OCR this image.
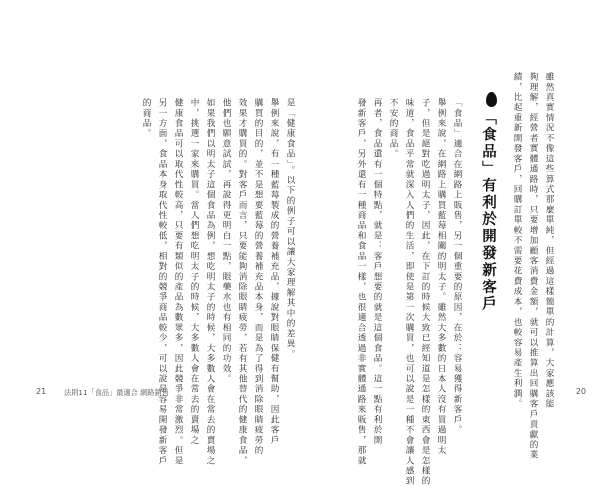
雖然真實情況不像這些算式那麼單純，但經過這樣簡單的計算，大家應該能
夠理解，經營者實體通路時，只要增加顧客消費金額，就可以推算出回購客戶貢獻的業
績，比起重新開發客戶，回購訂單較不需要花費成本，也較容易產生利潤。
「食品」有利於開發新客戶
「食品」適合在網路上販售，另一個重要的原因，在於：容易獲得新客戶。
舉例來說，在網路上購買藍莓相關的明太子。雖然大多數的日本人沒有買過明太
子，但是絕對吃過明太子，因此，在下訂的時候大致已經知道是怎樣的東西會是怎樣的
味道，食品平常就深入人們的生活，即使是第一次購買，也可以說是一種不會讓人感到
不安的商品。
再者，食品還有一個特點，就是：客戶想要的就是這個食品。這一點有利於開
發新客戶，另外還有一種商品和食品一樣，也很適合透過非實體通路來販售，那就	20
是「健康食品」。以下的例子可以讓大家理解其中的差異。
舉例來說，有一種藍莓製成的營養補充品，據說對眼睛保健有幫助，因此客戶
購買的目的，並不是想要藍莓的營養補充品本身，而是為了得到消除眼睛疲勞的
效果才購買的。對客戶而言，只要能夠消除眼睛疲勞，若有其他替代的健康食品，
他們也願意試試，再說得更明白一點，眼藥水也有相同的功效。
如果我們以明太子這個食品為例，想吃明太子的時候，大多數人會在常去的賣場之
中，挑選一家來購買。當人們想吃明太子的時候，大多數人會在常去的賣場之
健康食品可以取代性較高，只要有類似的產品為數眾多，因此競爭非常激烈。但是
另一方面，食品本身取代性較低，相對的競爭商品較少，可以說是容易開發新客戶
的商品。
21 法則11「食品」最適合 網路銷售
